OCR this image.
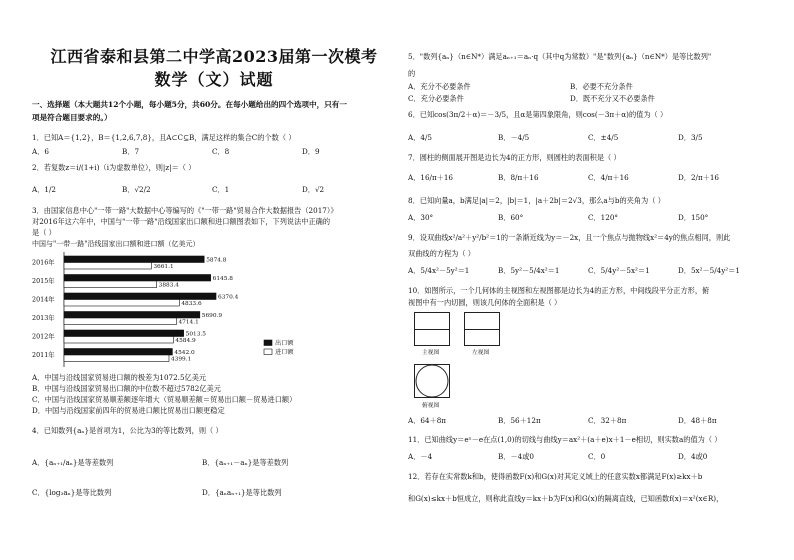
江西省泰和县第二中学高2023届第一次模考
数学（文）试题
一、选择题（本大题共12个小题，每小题5分，共60分。在每小题给出的四个选项中，只有一
项是符合题目要求的。）
1．已知A＝{1,2}，B＝{1,2,6,7,8}，且A⊂C⊆B，满足这样的集合C的个数（ ）
A．6	B．7	C．8	D．9
2．若复数z＝i/(1+i)（i为虚数单位），则|z|＝（ ）
A．1/2	B．√2/2	C．1	D．√2
3．由国家信息中心"一带一路"大数据中心等编写的《"一带一路"贸易合作大数据报告（2017）》
对2016年这六年中，中国与"一带一路"沿线国家出口额和进口额图表如下，下列说法中正确的
是（ ）
中国与"一带一路"沿线国家出口额和进口额（亿美元）
2016年	5874.8
3661.1
2015年	6145.8
3883.4
2014年	6370.4
4833.6
2013年	5690.9
4714.1
2012年	5013.5
4584.9
2011年	4542.0
4399.1
出口额
进口额
A．中国与沿线国家贸易进口额的极差为1072.5亿美元
B．中国与沿线国家贸易出口额的中位数不超过5782亿美元
C．中国与沿线国家贸易顺差额逐年增大（贸易顺差额＝贸易出口额－贸易进口额）
D．中国与沿线国家前四年的贸易进口额比贸易出口额更稳定
4．已知数列{aₙ}是首项为1，公比为3的等比数列，则（ ）
A．{aₙ₊₁/aₙ}是等差数列	B．{aₙ₊₁－aₙ}是等差数列
C．{log₃aₙ}是等比数列	D．{aₙaₙ₊₁}是等比数列
5．"数列{aₙ}（n∈N*）满足aₙ₊₁＝aₙ·q（其中q为常数）"是"数列{aₙ}（n∈N*）是等比数列"
的
A．充分不必要条件	B．必要不充分条件
C．充分必要条件	D．既不充分又不必要条件
6．已知cos(3π/2＋α)＝－3/5，且α是第四象限角，则cos(－3π＋α)的值为（ ）
A．4/5	B．－4/5	C．±4/5	D．3/5
7．圆柱的侧面展开图是边长为4的正方形，则圆柱的表面积是（ ）
A．16/π＋16	B．8/π＋16	C．4/π＋16	D．2/π＋16
8．已知向量a，b满足|a|＝2，|b|＝1，|a＋2b|＝2√3，那么a与b的夹角为（ ）
A．30°	B．60°	C．120°	D．150°
9．设双曲线x²/a²＋y²/b²＝1的一条渐近线为y＝－2x，且一个焦点与抛物线x²＝4y的焦点相同，则此
双曲线的方程为（ ）
A．5/4x²－5y²＝1	B．5y²－5/4x²＝1	C．5/4y²－5x²＝1	D．5x²－5/4y²＝1
10．如图所示，一个几何体的主视图和左视图都是边长为4的正方形，中间线段平分正方形，俯
视图中有一内切圆，则该几何体的全面积是（ ）
主视图	左视图
俯视图
A．64＋8π	B．56＋12π	C．32＋8π	D．48＋8π
11．已知曲线y＝eˣ－e在点(1,0)的切线与曲线y＝ax²＋(a＋e)x＋1－e相切，则实数a的值为（ ）
A．－4	B．－4或0	C．0	D．4或0
12．若存在实常数k和b，使得函数F(x)和G(x)对其定义域上的任意实数x都满足F(x)≥kx＋b
和G(x)≤kx＋b恒成立，则称此直线y＝kx＋b为F(x)和G(x)的隔离直线，已知函数f(x)＝x²(x∈R)，
